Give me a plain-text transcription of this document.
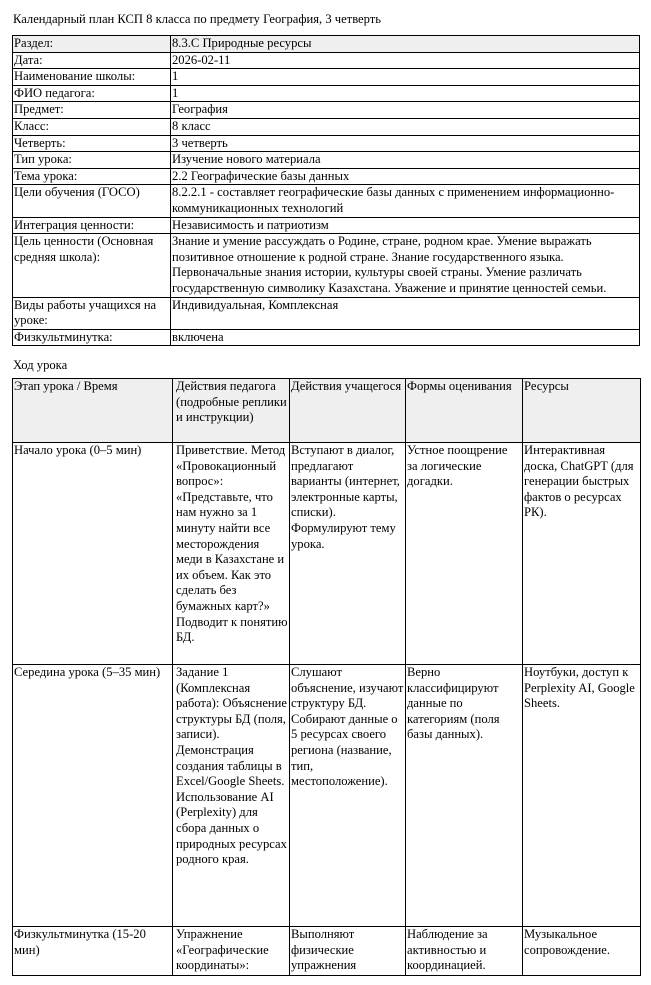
Календарный план КСП 8 класса по предмету География, 3 четверть
Раздел:	8.3.C Природные ресурсы
Дата:	2026-02-11
Наименование школы:	1
ФИО педагога:	1
Предмет:	География
Класс:	8 класс
Четверть:	3 четверть
Тип урока:	Изучение нового материала
Тема урока:	2.2 Географические базы данных
Цели обучения (ГОСО)	8.2.2.1 - составляет географические базы данных с применением информационно-коммуникационных технологий
Интеграция ценности:	Независимость и патриотизм
Цель ценности (Основная средняя школа):	Знание и умение рассуждать о Родине, стране, родном крае. Умение выражать позитивное отношение к родной стране. Знание государственного языка. Первоначальные знания истории, культуры своей страны. Умение различать государственную символику Казахстана. Уважение и принятие ценностей семьи.
Виды работы учащихся на уроке:	Индивидуальная, Комплексная
Физкультминутка:	включена
Ход урока
Этап урока / Время	Действия педагога (подробные реплики и инструкции)	Действия учащегося	Формы оценивания	Ресурсы
Начало урока (0–5 мин)	Приветствие. Метод «Провокационный вопрос»: «Представьте, что нам нужно за 1 минуту найти все месторождения меди в Казахстане и их объем. Как это сделать без бумажных карт?» Подводит к понятию БД.	Вступают в диалог, предлагают варианты (интернет, электронные карты, списки). Формулируют тему урока.	Устное поощрение за логические догадки.	Интерактивная доска, ChatGPT (для генерации быстрых фактов о ресурсах РК).
Середина урока (5–35 мин)	Задание 1 (Комплексная работа): Объяснение структуры БД (поля, записи). Демонстрация создания таблицы в Excel/Google Sheets. Использование AI (Perplexity) для сбора данных о природных ресурсах родного края.	Слушают объяснение, изучают структуру БД. Собирают данные о 5 ресурсах своего региона (название, тип, местоположение).	Верно классифицируют данные по категориям (поля базы данных).	Ноутбуки, доступ к Perplexity AI, Google Sheets.
Физкультминутка (15-20 мин)	Упражнение «Географические координаты»:	Выполняют физические упражнения	Наблюдение за активностью и координацией.	Музыкальное сопровождение.
